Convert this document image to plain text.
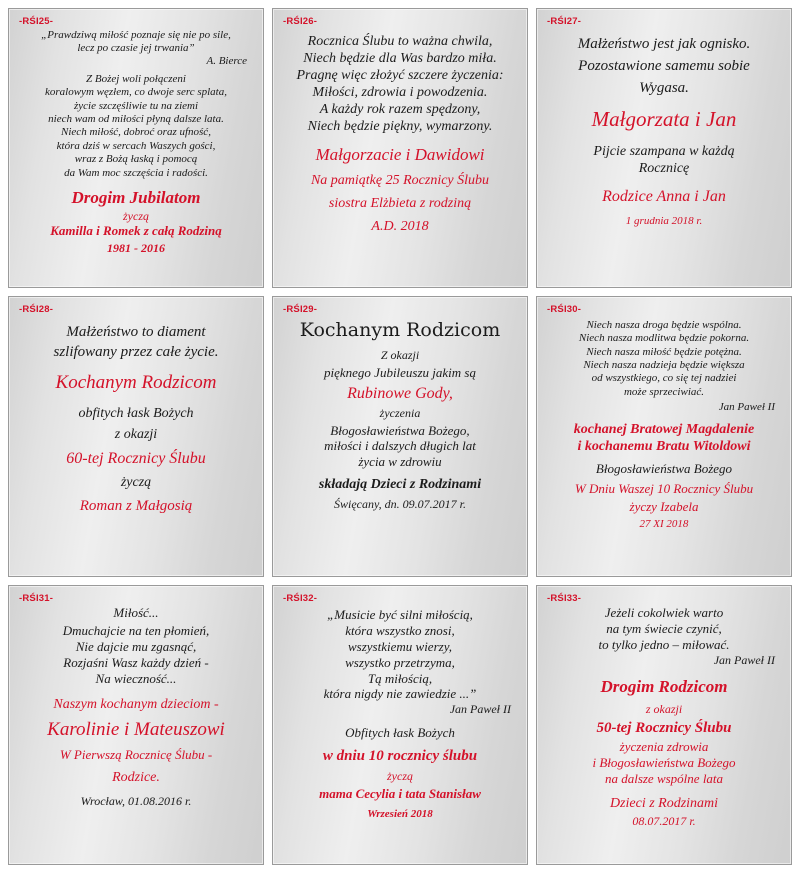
-RŚI25-
„Prawdziwą miłość poznaje się nie po sile,
lecz po czasie jej trwania”
A. Bierce
Z Bożej woli połączeni
koralowym węzłem, co dwoje serc splata,
życie szczęśliwie tu na ziemi
niech wam od miłości płyną dalsze lata.
Niech miłość, dobroć oraz ufność,
która dziś w sercach Waszych gości,
wraz z Bożą łaską i pomocą
da Wam moc szczęścia i radości.
Drogim Jubilatom
życzą
Kamilla i Romek z całą Rodziną
1981 - 2016
-RŚI26-
Rocznica Ślubu to ważna chwila,
Niech będzie dla Was bardzo miła.
Pragnę więc złożyć szczere życzenia:
Miłości, zdrowia i powodzenia.
A każdy rok razem spędzony,
Niech będzie piękny, wymarzony.
Małgorzacie i Dawidowi
Na pamiątkę 25 Rocznicy Ślubu
siostra Elżbieta z rodziną
A.D. 2018
-RŚI27-
Małżeństwo jest jak ognisko.
Pozostawione samemu sobie
Wygasa.
Małgorzata i Jan
Pijcie szampana w każdą
Rocznicę
Rodzice Anna i Jan
1 grudnia 2018 r.
-RŚI28-
Małżeństwo to diament
szlifowany przez całe życie.
Kochanym Rodzicom
obfitych łask Bożych
z okazji
60-tej Rocznicy Ślubu
życzą
Roman z Małgosią
-RŚI29-
Kochanym Rodzicom
Z okazji
pięknego Jubileuszu jakim są
Rubinowe Gody,
życzenia
Błogosławieństwa Bożego,
miłości i dalszych długich lat
życia w zdrowiu
składają Dzieci z Rodzinami
Święcany, dn. 09.07.2017 r.
-RŚI30-
Niech nasza droga będzie wspólna.
Niech nasza modlitwa będzie pokorna.
Niech nasza miłość będzie potężna.
Niech nasza nadzieja będzie większa
od wszystkiego, co się tej nadziei
może sprzeciwiać.
Jan Paweł II
kochanej Bratowej Magdalenie
i kochanemu Bratu Witoldowi
Błogosławieństwa Bożego
W Dniu Waszej 10 Rocznicy Ślubu
życzy Izabela
27 XI 2018
-RŚI31-
Miłość...
Dmuchajcie na ten płomień,
Nie dajcie mu zgasnąć,
Rozjaśni Wasz każdy dzień -
Na wieczność...
Naszym kochanym dzieciom -
Karolinie i Mateuszowi
W Pierwszą Rocznicę Ślubu -
Rodzice.
Wrocław, 01.08.2016 r.
-RŚI32-
„Musicie być silni miłością,
która wszystko znosi,
wszystkiemu wierzy,
wszystko przetrzyma,
Tą miłością,
która nigdy nie zawiedzie ...”
Jan Paweł II
Obfitych łask Bożych
w dniu 10 rocznicy ślubu
życzą
mama Cecylia i tata Stanisław
Wrzesień 2018
-RŚI33-
Jeżeli cokolwiek warto
na tym świecie czynić,
to tylko jedno – miłować.
Jan Paweł II
Drogim Rodzicom
z okazji
50-tej Rocznicy Ślubu
życzenia zdrowia
i Błogosławieństwa Bożego
na dalsze wspólne lata
Dzieci z Rodzinami
08.07.2017 r.
